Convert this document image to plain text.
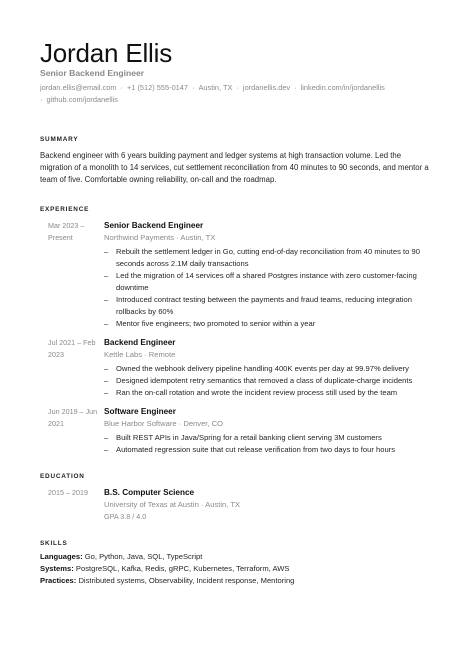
Jordan Ellis
Senior Backend Engineer
jordan.ellis@email.com · +1 (512) 555-0147 · Austin, TX · jordanellis.dev · linkedin.com/in/jordanellis
· github.com/jordanellis
SUMMARY
Backend engineer with 6 years building payment and ledger systems at high transaction volume. Led the migration of a monolith to 14 services, cut settlement reconciliation from 40 minutes to 90 seconds, and mentor a team of five. Comfortable owning reliability, on-call and the roadmap.
EXPERIENCE
Mar 2023 – Present
Senior Backend Engineer
Northwind Payments · Austin, TX
– Rebuilt the settlement ledger in Go, cutting end-of-day reconciliation from 40 minutes to 90 seconds across 2.1M daily transactions
– Led the migration of 14 services off a shared Postgres instance with zero customer-facing downtime
– Introduced contract testing between the payments and fraud teams, reducing integration rollbacks by 60%
– Mentor five engineers; two promoted to senior within a year
Jul 2021 – Feb 2023
Backend Engineer
Kettle Labs · Remote
– Owned the webhook delivery pipeline handling 400K events per day at 99.97% delivery
– Designed idempotent retry semantics that removed a class of duplicate-charge incidents
– Ran the on-call rotation and wrote the incident review process still used by the team
Jun 2019 – Jun 2021
Software Engineer
Blue Harbor Software · Denver, CO
– Built REST APIs in Java/Spring for a retail banking client serving 3M customers
– Automated regression suite that cut release verification from two days to four hours
EDUCATION
2015 – 2019	B.S. Computer Science
University of Texas at Austin · Austin, TX
GPA 3.8 / 4.0
SKILLS
Languages: Go, Python, Java, SQL, TypeScript
Systems: PostgreSQL, Kafka, Redis, gRPC, Kubernetes, Terraform, AWS
Practices: Distributed systems, Observability, Incident response, Mentoring
